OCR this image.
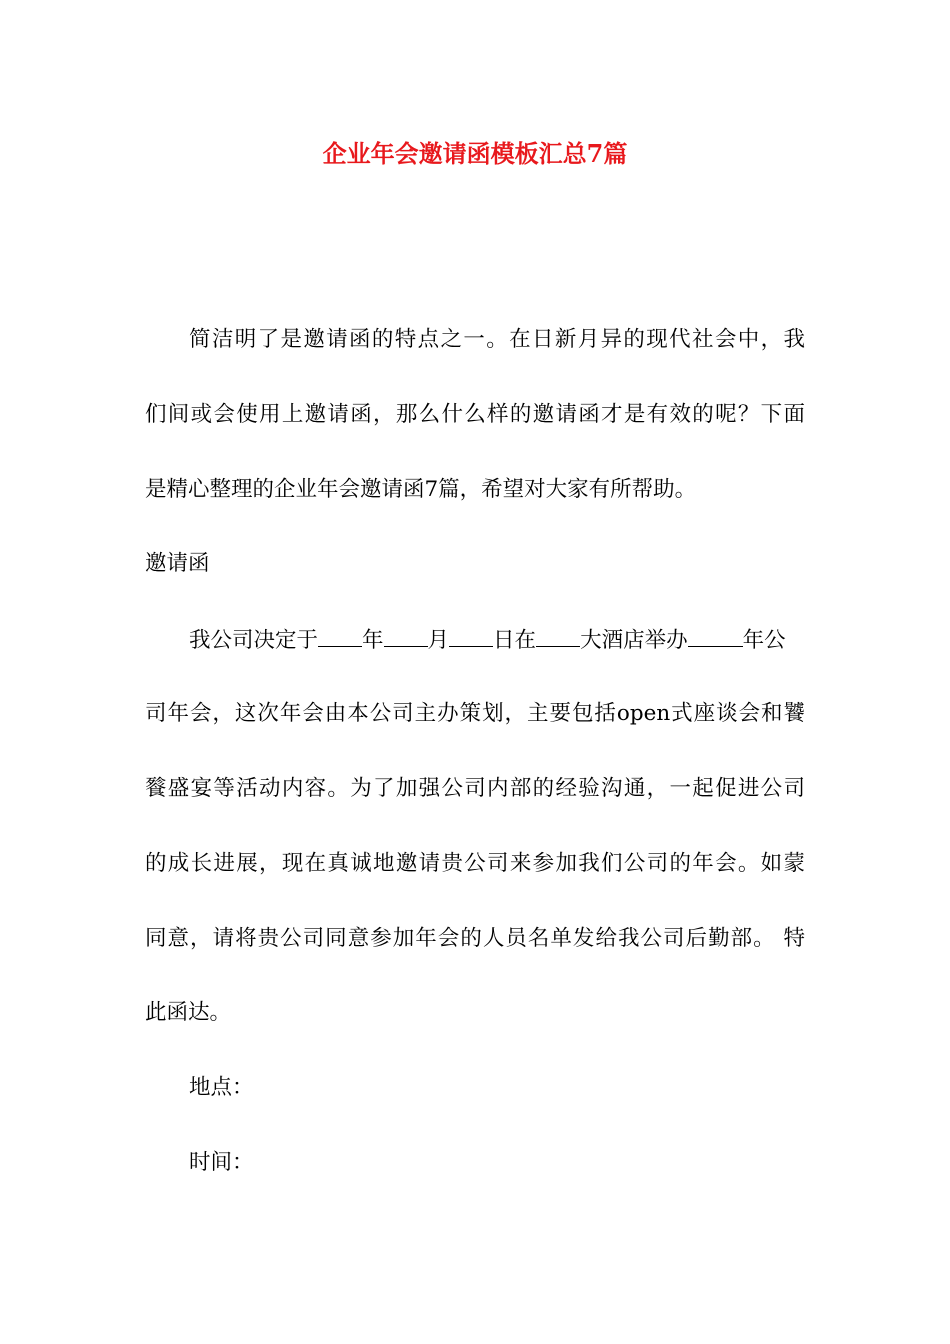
企业年会邀请函模板汇总7篇
简洁明了是邀请函的特点之一。在日新月异的现代社会中，我
们间或会使用上邀请函，那么什么样的邀请函才是有效的呢？下面
是精心整理的企业年会邀请函7篇，希望对大家有所帮助。
邀请函
我公司决定于 年 月 日在 大酒店举办	年公
司年会，这次年会由本公司主办策划，主要包括open式座谈会和饕
餮盛宴等活动内容。为了加强公司内部的经验沟通，一起促进公司
的成长进展，现在真诚地邀请贵公司来参加我们公司的年会。如蒙
同意，请将贵公司同意参加年会的人员名单发给我公司后勤部。 特
此函达。
地点：
时间：
